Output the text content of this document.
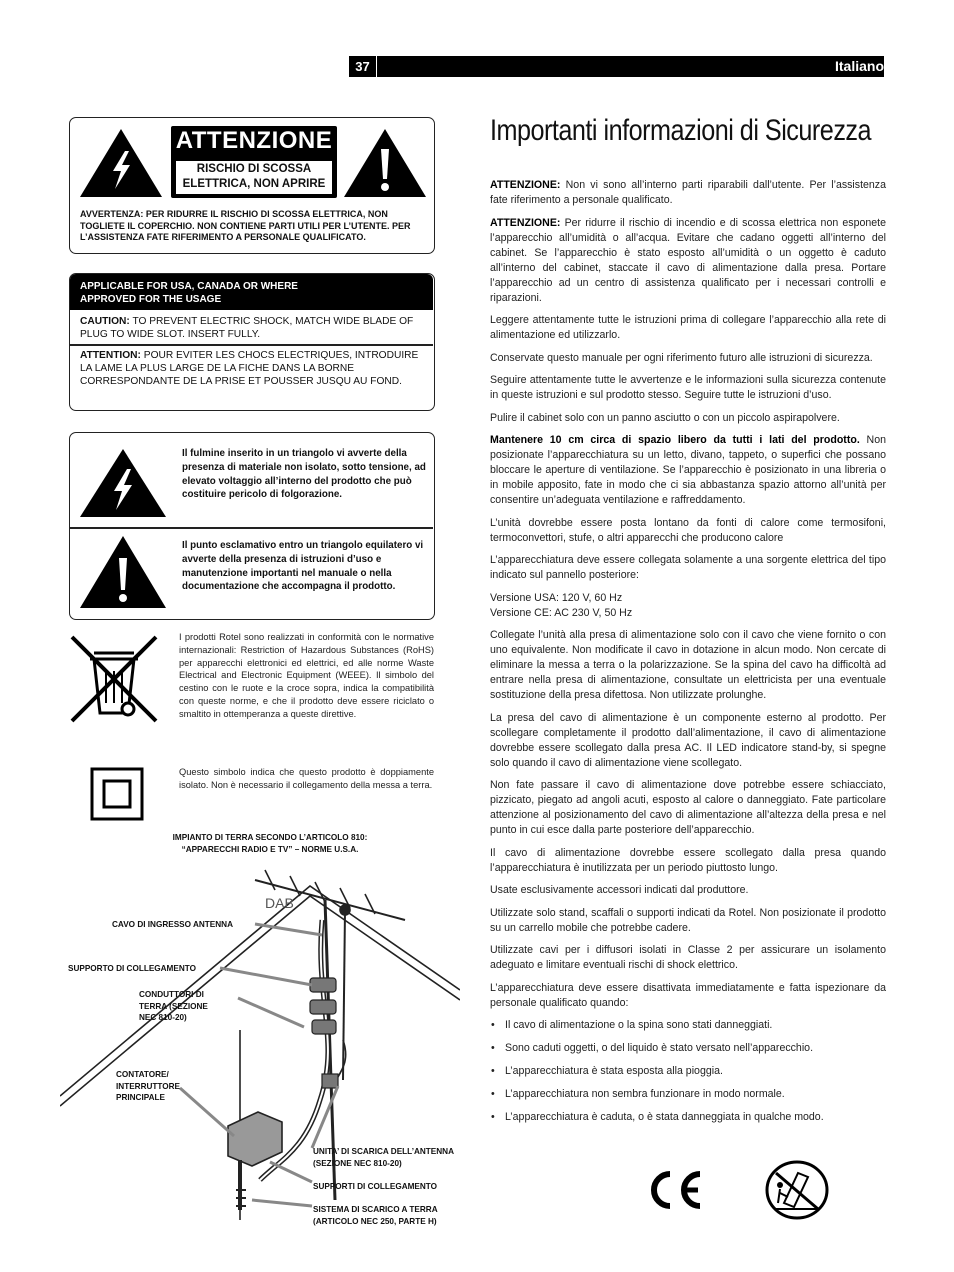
37	Italiano
Importanti informazioni di Sicurezza
ATTENZIONE
RISCHIO DI SCOSSA
ELETTRICA, NON APRIRE
AVVERTENZA: PER RIDURRE IL RISCHIO DI SCOSSA ELETTRICA, NON TOGLIETE IL COPERCHIO. NON CONTIENE PARTI UTILI PER L’UTENTE. PER L’ASSISTENZA FATE RIFERIMENTO A PERSONALE QUALIFICATO.
APPLICABLE FOR USA, CANADA OR WHERE
APPROVED FOR THE USAGE
CAUTION: TO PREVENT ELECTRIC SHOCK, MATCH WIDE BLADE OF PLUG TO WIDE SLOT. INSERT FULLY.
ATTENTION: POUR EVITER LES CHOCS ELECTRIQUES, INTRODUIRE LA LAME LA PLUS LARGE DE LA FICHE DANS LA BORNE CORRESPONDANTE DE LA PRISE ET POUSSER JUSQU AU FOND.
Il fulmine inserito in un triangolo vi avverte della presenza di materiale non isolato, sotto tensione, ad elevato voltaggio all’interno del prodotto che può costituire pericolo di folgorazione.
Il punto esclamativo entro un triangolo equilatero vi avverte della presenza di istruzioni d’uso e manutenzione importanti nel manuale o nella documentazione che accompagna il prodotto.
I prodotti Rotel sono realizzati in conformità con le normative internazionali: Restriction of Hazardous Substances (RoHS) per apparecchi elettronici ed elettrici, ed alle norme Waste Electrical and Electronic Equipment (WEEE). Il simbolo del cestino con le ruote e la croce sopra, indica la compatibilità con queste norme, e che il prodotto deve essere riciclato o smaltito in ottemperanza a queste direttive.
Questo simbolo indica che questo prodotto è doppiamente isolato. Non è necessario il collegamento della messa a terra.
IMPIANTO DI TERRA SECONDO L’ARTICOLO 810:
“APPARECCHI RADIO E TV” – NORME U.S.A.
DAB
CAVO DI INGRESSO ANTENNA
SUPPORTO DI COLLEGAMENTO
CONDUTTORI DI
TERRA (SEZIONE
NEC 810-20)
CONTATORE/
INTERRUTTORE
PRINCIPALE
UNITA’ DI SCARICA DELL’ANTENNA
(SEZIONE NEC 810-20)
SUPPORTI DI COLLEGAMENTO
SISTEMA DI SCARICO A TERRA
(ARTICOLO NEC 250, PARTE H)

ATTENZIONE: Non vi sono all’interno parti riparabili dall’utente. Per l’assistenza fate riferimento a personale qualificato.

ATTENZIONE: Per ridurre il rischio di incendio e di scossa elettrica non esponete l’apparecchio all’umidità o all’acqua. Evitare che cadano oggetti all’interno del cabinet. Se l’apparecchio è stato esposto all’umidità o un oggetto è caduto all’interno del cabinet, staccate il cavo di alimentazione dalla presa. Portare l’apparecchio ad un centro di assistenza qualificato per i necessari controlli e riparazioni.

Leggere attentamente tutte le istruzioni prima di collegare l’apparecchio alla rete di alimentazione ed utilizzarlo.

Conservate questo manuale per ogni riferimento futuro alle istruzioni di sicurezza.

Seguire attentamente tutte le avvertenze e le informazioni sulla sicurezza contenute in queste istruzioni e sul prodotto stesso. Seguire tutte le istruzioni d’uso.

Pulire il cabinet solo con un panno asciutto o con un piccolo aspirapolvere.

Mantenere 10 cm circa di spazio libero da tutti i lati del prodotto. Non posizionate l’apparecchiatura su un letto, divano, tappeto, o superfici che possano bloccare le aperture di ventilazione. Se l’apparecchio è posizionato in una libreria o in mobile apposito, fate in modo che ci sia abbastanza spazio attorno all’unità per consentire un’adeguata ventilazione e raffreddamento.

L’unità dovrebbe essere posta lontano da fonti di calore come termosifoni, termoconvettori, stufe, o altri apparecchi che producono calore

L’apparecchiatura deve essere collegata solamente a una sorgente elettrica del tipo indicato sul pannello posteriore:

Versione USA: 120 V, 60 Hz
Versione CE: AC 230 V, 50 Hz

Collegate l’unità alla presa di alimentazione solo con il cavo che viene fornito o con uno equivalente. Non modificate il cavo in dotazione in alcun modo. Non cercate di eliminare la messa a terra o la polarizzazione. Se la spina del cavo ha difficoltà ad entrare nella presa di alimentazione, consultate un elettricista per una eventuale sostituzione della presa difettosa. Non utilizzate prolunghe.

La presa del cavo di alimentazione è un componente esterno al prodotto. Per scollegare completamente il prodotto dall’alimentazione, il cavo di alimentazione dovrebbe essere scollegato dalla presa AC. Il LED indicatore stand-by, si spegne solo quando il cavo di alimentazione viene scollegato.

Non fate passare il cavo di alimentazione dove potrebbe essere schiacciato, pizzicato, piegato ad angoli acuti, esposto al calore o danneggiato. Fate particolare attenzione al posizionamento del cavo di alimentazione all’altezza della presa e nel punto in cui esce dalla parte posteriore dell’apparecchio.

Il cavo di alimentazione dovrebbe essere scollegato dalla presa quando l’apparecchiatura è inutilizzata per un periodo piuttosto lungo.

Usate esclusivamente accessori indicati dal produttore.

Utilizzate solo stand, scaffali o supporti indicati da Rotel. Non posizionate il prodotto su un carrello mobile che potrebbe cadere.

Utilizzate cavi per i diffusori isolati in Classe 2 per assicurare un isolamento adeguato e limitare eventuali rischi di shock elettrico.

L’apparecchiatura deve essere disattivata immediatamente e fatta ispezionare da personale qualificato quando:

• Il cavo di alimentazione o la spina sono stati danneggiati.
• Sono caduti oggetti, o del liquido è stato versato nell’apparecchio.
• L’apparecchiatura è stata esposta alla pioggia.
• L’apparecchiatura non sembra funzionare in modo normale.
• L’apparecchiatura è caduta, o è stata danneggiata in qualche modo.
